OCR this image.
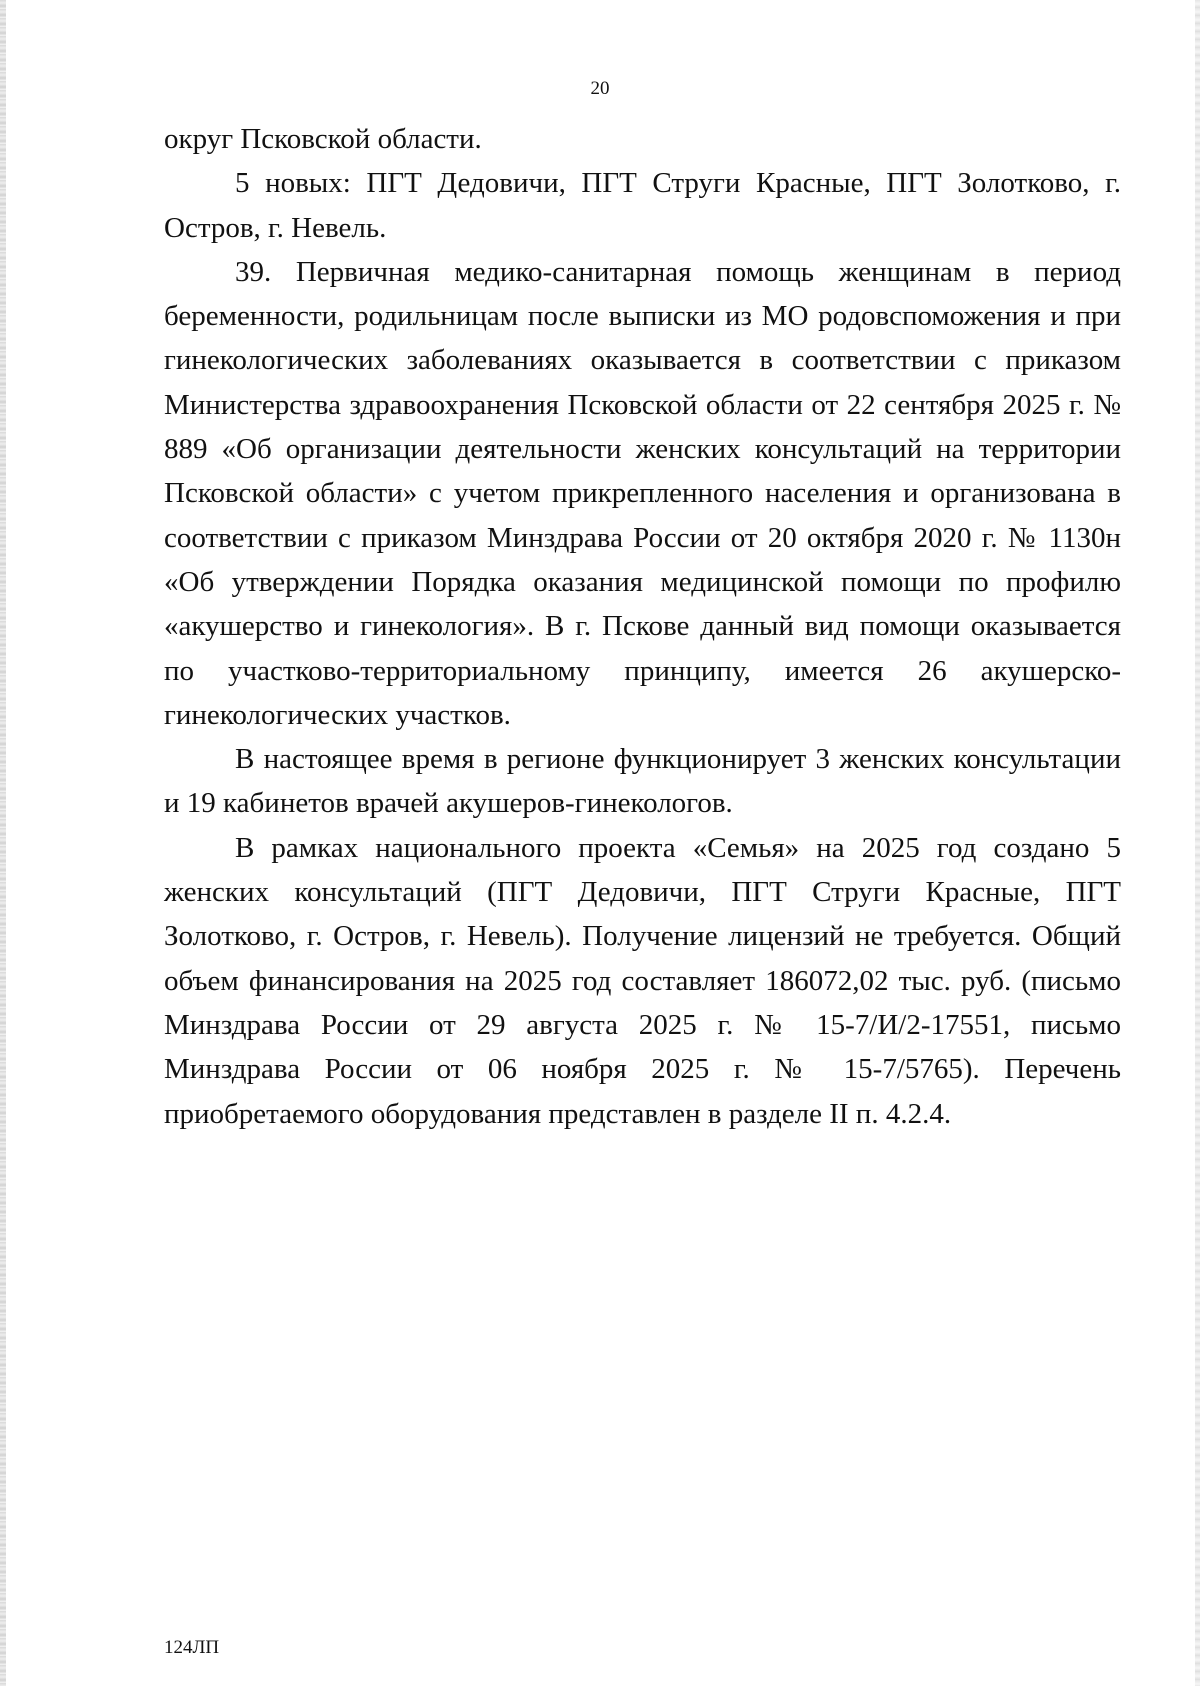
20

округ Псковской области.

5 новых: ПГТ Дедовичи, ПГТ Струги Красные, ПГТ Золотково, г. Остров, г. Невель.

39. Первичная медико-санитарная помощь женщинам в период беременности, родильницам после выписки из МО родовспоможения и при гинекологических заболеваниях оказывается в соответствии с приказом Министерства здравоохранения Псковской области от 22 сентября 2025 г. № 889 «Об организации деятельности женских консультаций на территории Псковской области» с учетом прикрепленного населения и организована в соответствии с приказом Минздрава России от 20 октября 2020 г. № 1130н «Об утверждении Порядка оказания медицинской помощи по профилю «акушерство и гинекология». В г. Пскове данный вид помощи оказывается по участково-территориальному принципу, имеется 26 акушерско-гинекологических участков.

В настоящее время в регионе функционирует 3 женских консультации и 19 кабинетов врачей акушеров-гинекологов.

В рамках национального проекта «Семья» на 2025 год создано 5 женских консультаций (ПГТ Дедовичи, ПГТ Струги Красные, ПГТ Золотково, г. Остров, г. Невель). Получение лицензий не требуется. Общий объем финансирования на 2025 год составляет 186072,02 тыс. руб. (письмо Минздрава России от 29 августа 2025 г. № 15-7/И/2-17551, письмо Минздрава России от 06 ноября 2025 г. № 15-7/5765). Перечень приобретаемого оборудования представлен в разделе II п. 4.2.4.

124ЛП
